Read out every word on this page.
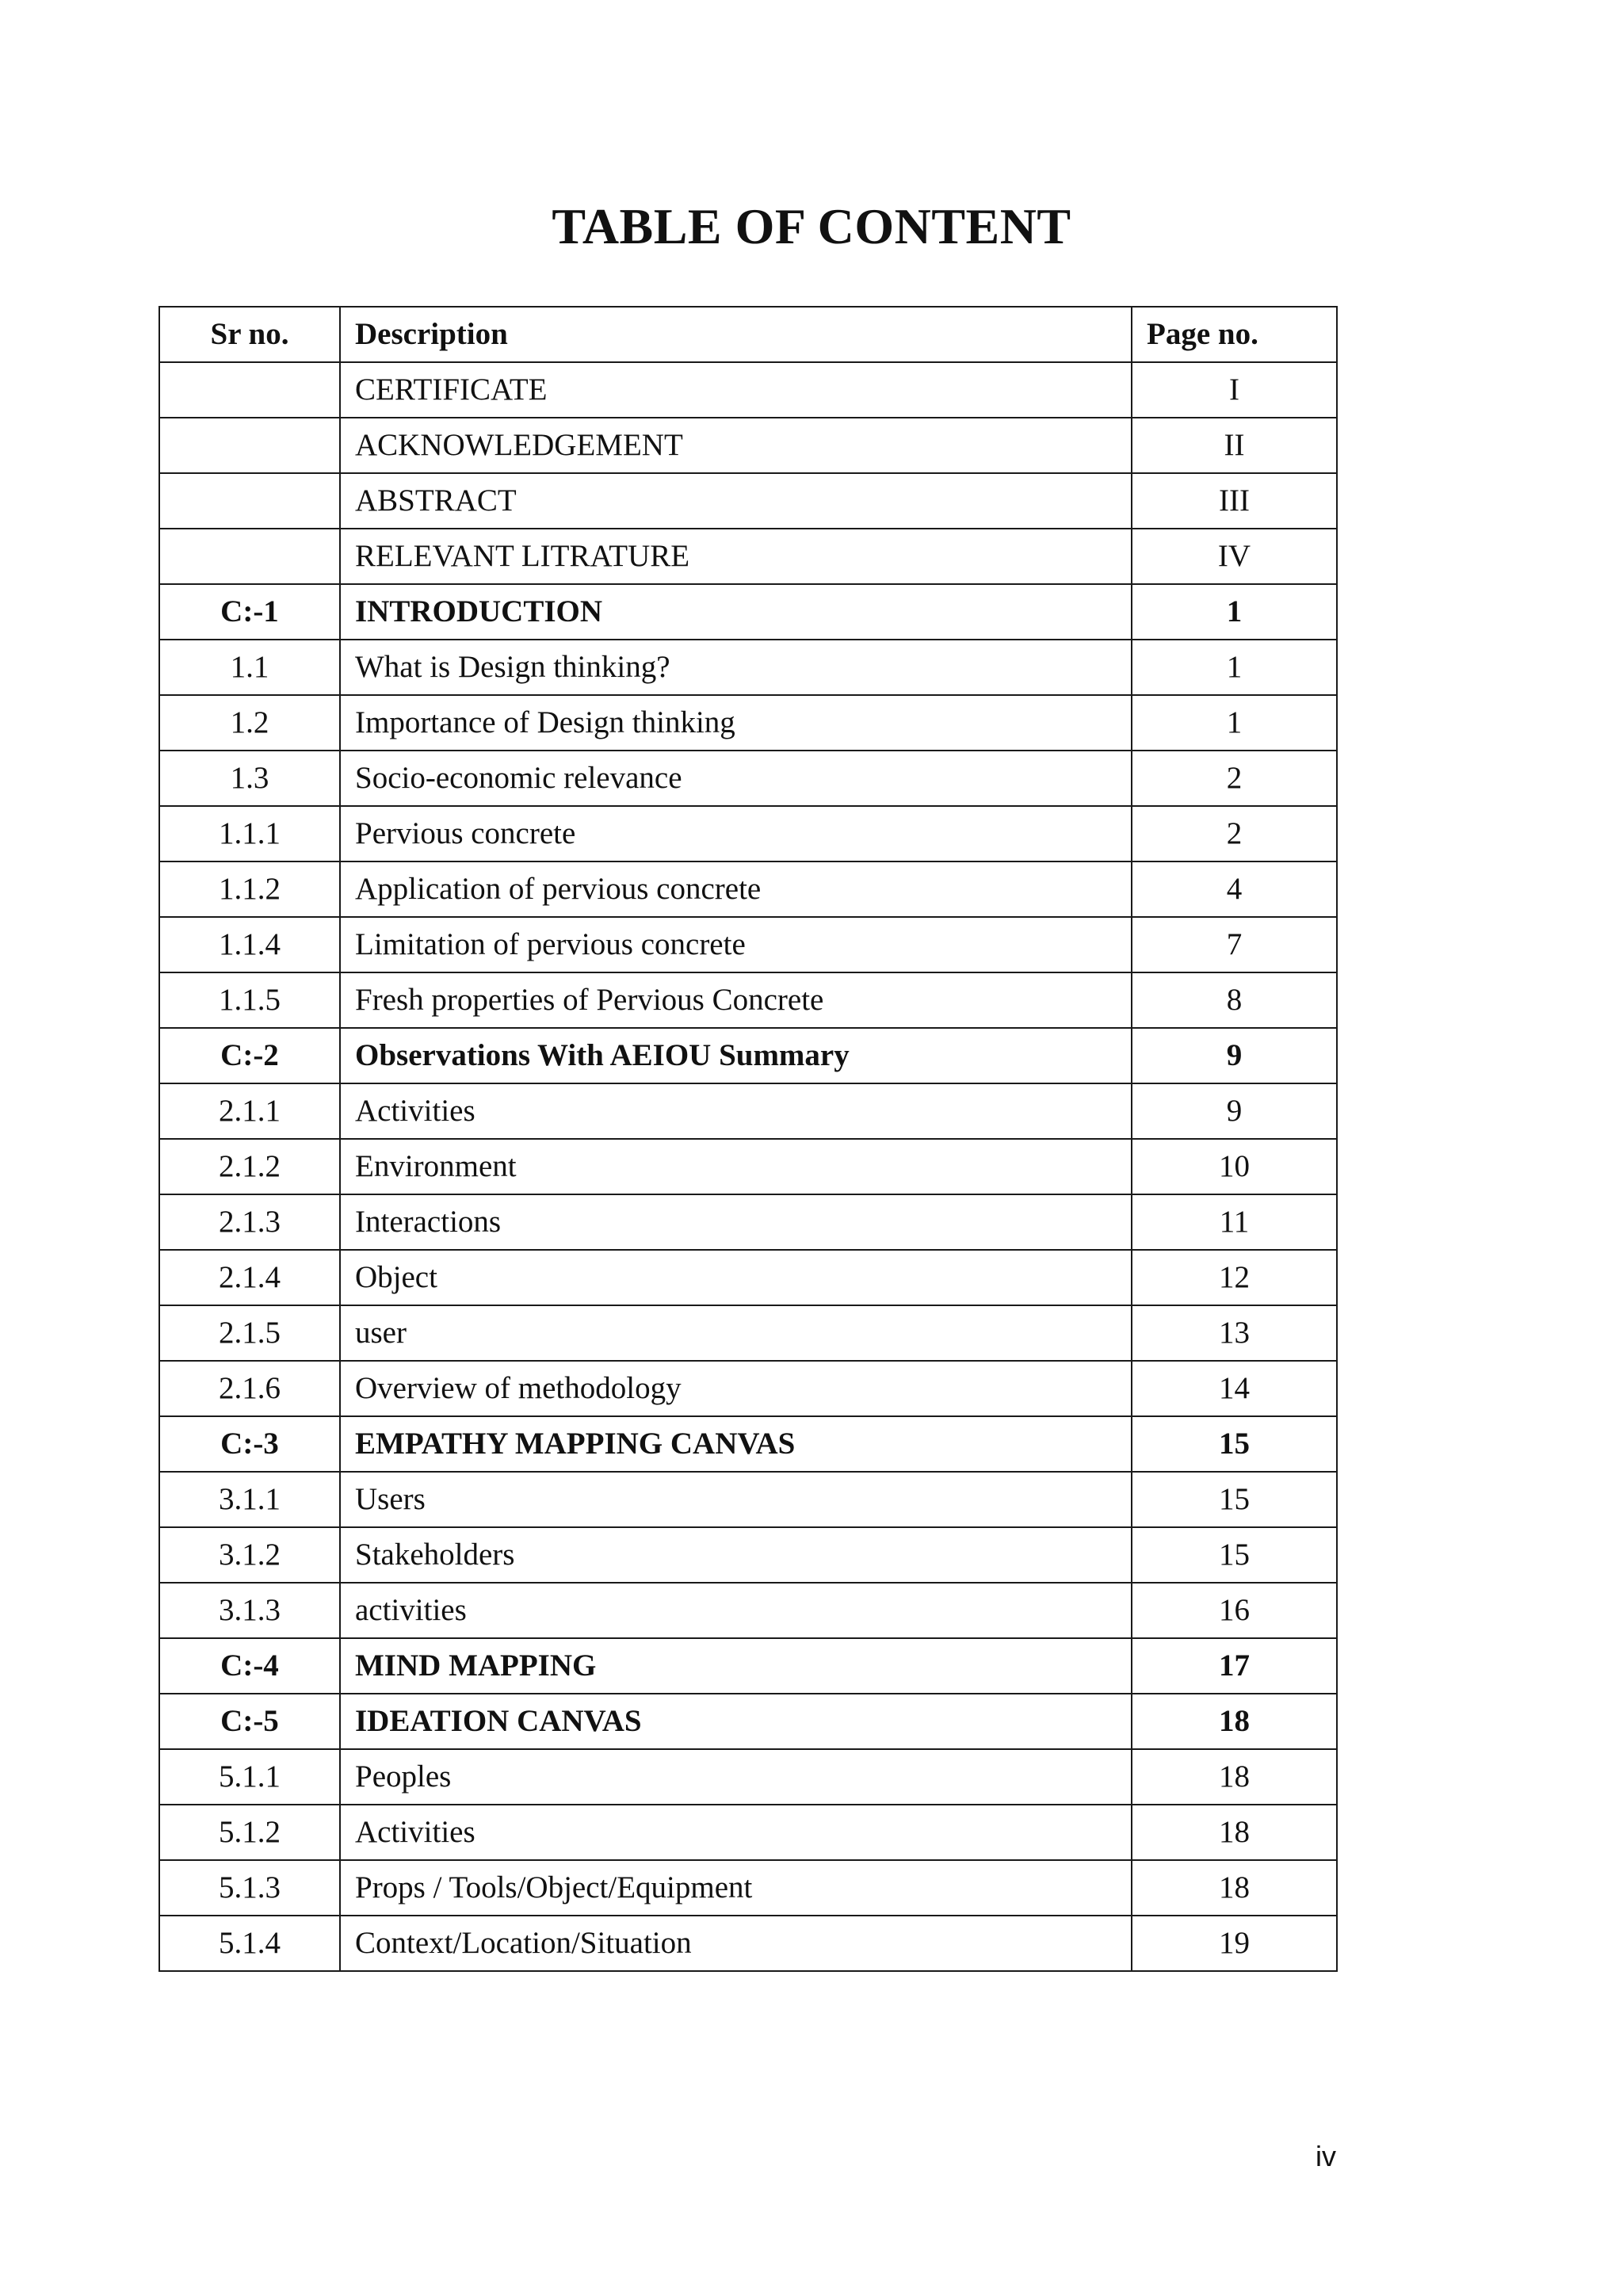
TABLE OF CONTENT
Sr no.	Description	Page no.
	CERTIFICATE	I
	ACKNOWLEDGEMENT	II
	ABSTRACT	III
	RELEVANT LITRATURE	IV
C:-1	INTRODUCTION	1
1.1	What is Design thinking?	1
1.2	Importance of Design thinking	1
1.3	Socio-economic relevance	2
1.1.1	Pervious concrete	2
1.1.2	Application of pervious concrete	4
1.1.4	Limitation of pervious concrete	7
1.1.5	Fresh properties of Pervious Concrete	8
C:-2	Observations With AEIOU Summary	9
2.1.1	Activities	9
2.1.2	Environment	10
2.1.3	Interactions	11
2.1.4	Object	12
2.1.5	user	13
2.1.6	Overview of methodology	14
C:-3	EMPATHY MAPPING CANVAS	15
3.1.1	Users	15
3.1.2	Stakeholders	15
3.1.3	activities	16
C:-4	MIND MAPPING	17
C:-5	IDEATION CANVAS	18
5.1.1	Peoples	18
5.1.2	Activities	18
5.1.3	Props / Tools/Object/Equipment	18
5.1.4	Context/Location/Situation	19
iv
